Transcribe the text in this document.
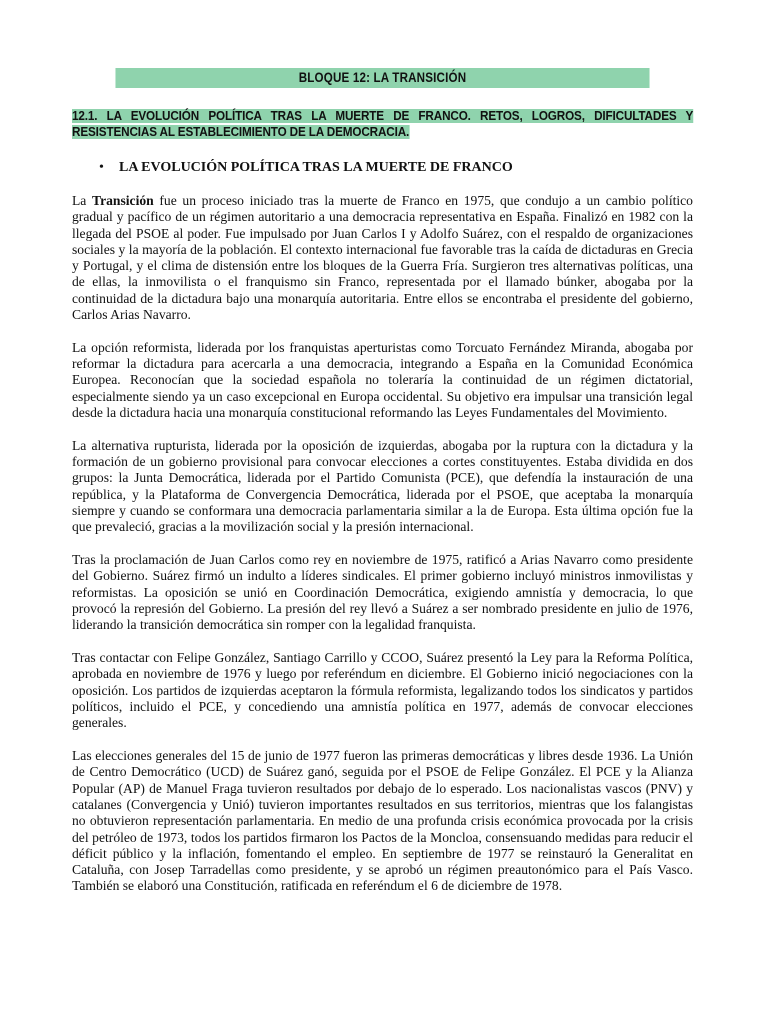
BLOQUE 12: LA TRANSICIÓN
12.1. LA EVOLUCIÓN POLÍTICA TRAS LA MUERTE DE FRANCO. RETOS, LOGROS, DIFICULTADES Y RESISTENCIAS AL ESTABLECIMIENTO DE LA DEMOCRACIA.
•	LA EVOLUCIÓN POLÍTICA TRAS LA MUERTE DE FRANCO

La Transición fue un proceso iniciado tras la muerte de Franco en 1975, que condujo a un cambio político gradual y pacífico de un régimen autoritario a una democracia representativa en España. Finalizó en 1982 con la llegada del PSOE al poder. Fue impulsado por Juan Carlos I y Adolfo Suárez, con el respaldo de organizaciones sociales y la mayoría de la población. El contexto internacional fue favorable tras la caída de dictaduras en Grecia y Portugal, y el clima de distensión entre los bloques de la Guerra Fría. Surgieron tres alternativas políticas, una de ellas, la inmovilista o el franquismo sin Franco, representada por el llamado búnker, abogaba por la continuidad de la dictadura bajo una monarquía autoritaria. Entre ellos se encontraba el presidente del gobierno, Carlos Arias Navarro.

La opción reformista, liderada por los franquistas aperturistas como Torcuato Fernández Miranda, abogaba por reformar la dictadura para acercarla a una democracia, integrando a España en la Comunidad Económica Europea. Reconocían que la sociedad española no toleraría la continuidad de un régimen dictatorial, especialmente siendo ya un caso excepcional en Europa occidental. Su objetivo era impulsar una transición legal desde la dictadura hacia una monarquía constitucional reformando las Leyes Fundamentales del Movimiento.

La alternativa rupturista, liderada por la oposición de izquierdas, abogaba por la ruptura con la dictadura y la formación de un gobierno provisional para convocar elecciones a cortes constituyentes. Estaba dividida en dos grupos: la Junta Democrática, liderada por el Partido Comunista (PCE), que defendía la instauración de una república, y la Plataforma de Convergencia Democrática, liderada por el PSOE, que aceptaba la monarquía siempre y cuando se conformara una democracia parlamentaria similar a la de Europa. Esta última opción fue la que prevaleció, gracias a la movilización social y la presión internacional.

Tras la proclamación de Juan Carlos como rey en noviembre de 1975, ratificó a Arias Navarro como presidente del Gobierno. Suárez firmó un indulto a líderes sindicales. El primer gobierno incluyó ministros inmovilistas y reformistas. La oposición se unió en Coordinación Democrática, exigiendo amnistía y democracia, lo que provocó la represión del Gobierno. La presión del rey llevó a Suárez a ser nombrado presidente en julio de 1976, liderando la transición democrática sin romper con la legalidad franquista.

Tras contactar con Felipe González, Santiago Carrillo y CCOO, Suárez presentó la Ley para la Reforma Política, aprobada en noviembre de 1976 y luego por referéndum en diciembre. El Gobierno inició negociaciones con la oposición. Los partidos de izquierdas aceptaron la fórmula reformista, legalizando todos los sindicatos y partidos políticos, incluido el PCE, y concediendo una amnistía política en 1977, además de convocar elecciones generales.

Las elecciones generales del 15 de junio de 1977 fueron las primeras democráticas y libres desde 1936. La Unión de Centro Democrático (UCD) de Suárez ganó, seguida por el PSOE de Felipe González. El PCE y la Alianza Popular (AP) de Manuel Fraga tuvieron resultados por debajo de lo esperado. Los nacionalistas vascos (PNV) y catalanes (Convergencia y Unió) tuvieron importantes resultados en sus territorios, mientras que los falangistas no obtuvieron representación parlamentaria. En medio de una profunda crisis económica provocada por la crisis del petróleo de 1973, todos los partidos firmaron los Pactos de la Moncloa, consensuando medidas para reducir el déficit público y la inflación, fomentando el empleo. En septiembre de 1977 se reinstauró la Generalitat en Cataluña, con Josep Tarradellas como presidente, y se aprobó un régimen preautonómico para el País Vasco. También se elaboró una Constitución, ratificada en referéndum el 6 de diciembre de 1978.
